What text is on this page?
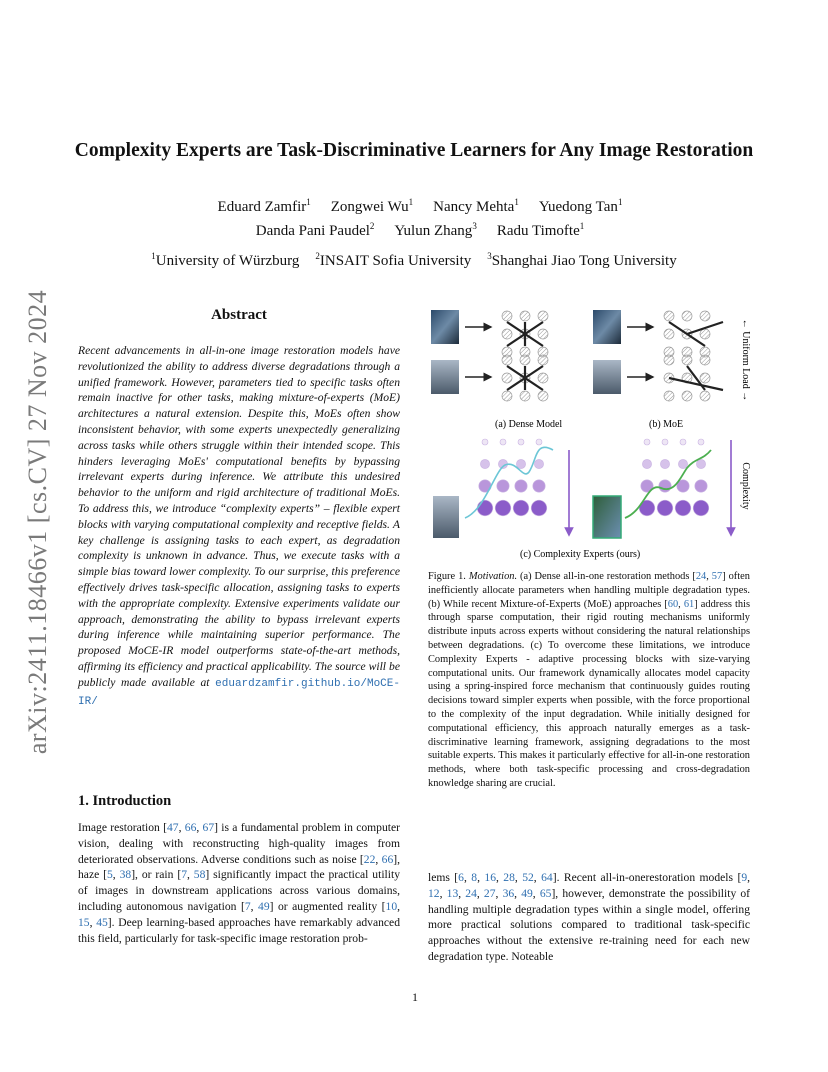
arXiv:2411.18466v1 [cs.CV] 27 Nov 2024
Complexity Experts are Task-Discriminative Learners for Any Image Restoration
Eduard Zamfir$^1$ Zongwei Wu$^1$ Nancy Mehta$^1$ Yuedong Tan$^1$
Danda Pani Paudel$^2$ Yulun Zhang$^3$ Radu Timofte$^1$
$^1$University of Würzburg $^2$INSAIT Sofia University $^3$Shanghai Jiao Tong University
Abstract
Recent advancements in all-in-one image restoration models have revolutionized the ability to address diverse degradations through a unified framework. However, parameters tied to specific tasks often remain inactive for other tasks, making mixture-of-experts (MoE) architectures a natural extension. Despite this, MoEs often show inconsistent behavior, with some experts unexpectedly generalizing across tasks while others struggle within their intended scope. This hinders leveraging MoEs' computational benefits by bypassing irrelevant experts during inference. We attribute this undesired behavior to the uniform and rigid architecture of traditional MoEs. To address this, we introduce “complexity experts” – flexible expert blocks with varying computational complexity and receptive fields. A key challenge is assigning tasks to each expert, as degradation complexity is unknown in advance. Thus, we execute tasks with a simple bias toward lower complexity. To our surprise, this preference effectively drives task-specific allocation, assigning tasks to experts with the appropriate complexity. Extensive experiments validate our approach, demonstrating the ability to bypass irrelevant experts during inference while maintaining superior performance. The proposed MoCE-IR model outperforms state-of-the-art methods, affirming its efficiency and practical applicability. The source will be publicly made available at eduardzamfir.github.io/MoCE-IR/
1. Introduction
Image restoration [47, 66, 67] is a fundamental problem in computer vision, dealing with reconstructing high-quality images from deteriorated observations. Adverse conditions such as noise [22, 66], haze [5, 38], or rain [7, 58] significantly impact the practical utility of images in downstream applications across various domains, including autonomous navigation [7, 49] or augmented reality [10, 15, 45]. Deep learning-based approaches have remarkably advanced this field, particularly for task-specific image restoration prob-
(a) Dense Model	(b) MoE
← Uniform Load →
Complexity
(c) Complexity Experts (ours)
Figure 1. Motivation. (a) Dense all-in-one restoration methods [24, 57] often inefficiently allocate parameters when handling multiple degradation types. (b) While recent Mixture-of-Experts (MoE) approaches [60, 61] address this through sparse computation, their rigid routing mechanisms uniformly distribute inputs across experts without considering the natural relationships between degradations. (c) To overcome these limitations, we introduce Complexity Experts - adaptive processing blocks with size-varying computational units. Our framework dynamically allocates model capacity using a spring-inspired force mechanism that continuously guides routing decisions toward simpler experts when possible, with the force proportional to the complexity of the input degradation. While initially designed for computational efficiency, this approach naturally emerges as a task-discriminative learning framework, assigning degradations to the most suitable experts. This makes it particularly effective for all-in-one restoration methods, where both task-specific processing and cross-degradation knowledge sharing are crucial.
lems [6, 8, 16, 28, 52, 64]. Recent all-in-onerestoration models [9, 12, 13, 24, 27, 36, 49, 65], however, demonstrate the possibility of handling multiple degradation types within a single model, offering more practical solutions compared to traditional task-specific approaches without the extensive re-training need for each new degradation type. Noteable
1
